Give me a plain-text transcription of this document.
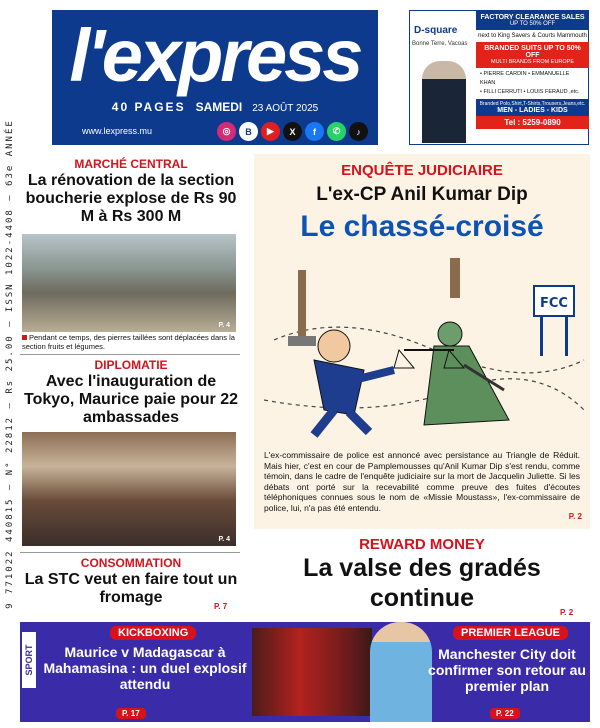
9 771022 440815 — N° 22812 — Rs 25.00 — ISSN 1022-4408 — 63e ANNÉE
l'express
40 PAGES SAMEDI 23 AOÛT 2025
www.lexpress.mu	◎	B	▶	X	f	✆	♪
D-square
Bonne Terre, Vacoas
FACTORY CLEARANCE SALES
UP TO 50% OFF
next to King Savers & Courts Mammouth
BRANDED SUITS UP TO 50% OFF
MULTI BRANDS FROM EUROPE
• PIERRE CARDIN • EMMANUELLE KHAN
• FILLI CERRUTI • LOUIS FERAUD ,etc.
Branded Polo,Shirt,T-Shirts,Trousers,Jeans,etc.
MEN - LADIES - KIDS
Tel : 5259-0890
MARCHÉ CENTRAL
La rénovation de la section boucherie explose de Rs 90 M à Rs 300 M
P. 4
Pendant ce temps, des pierres taillées sont déplacées dans la section fruits et légumes.
DIPLOMATIE
Avec l'inauguration de Tokyo, Maurice paie pour 22 ambassades
P. 4
CONSOMMATION
La STC veut en faire tout un fromage
P. 7
ENQUÊTE JUDICIAIRE
L'ex-CP Anil Kumar Dip
Le chassé-croisé
FCC
L'ex-commissaire de police est annoncé avec persistance au Triangle de Réduit. Mais hier, c'est en cour de Pamplemousses qu'Anil Kumar Dip s'est rendu, comme témoin, dans le cadre de l'enquête judiciaire sur la mort de Jacquelin Juliette. Si les débats ont porté sur la recevabilité comme preuve des fuites d'écoutes téléphoniques connues sous le nom de «Missie Moustass», l'ex-commissaire de police, lui, n'a pas été entendu.
P. 2
REWARD MONEY
La valse des gradés continue
P. 2
SPORT
KICKBOXING
Maurice v Madagascar à Mahamasina : un duel explosif attendu
P. 17
PREMIER LEAGUE
Manchester City doit confirmer son retour au premier plan
P. 22
